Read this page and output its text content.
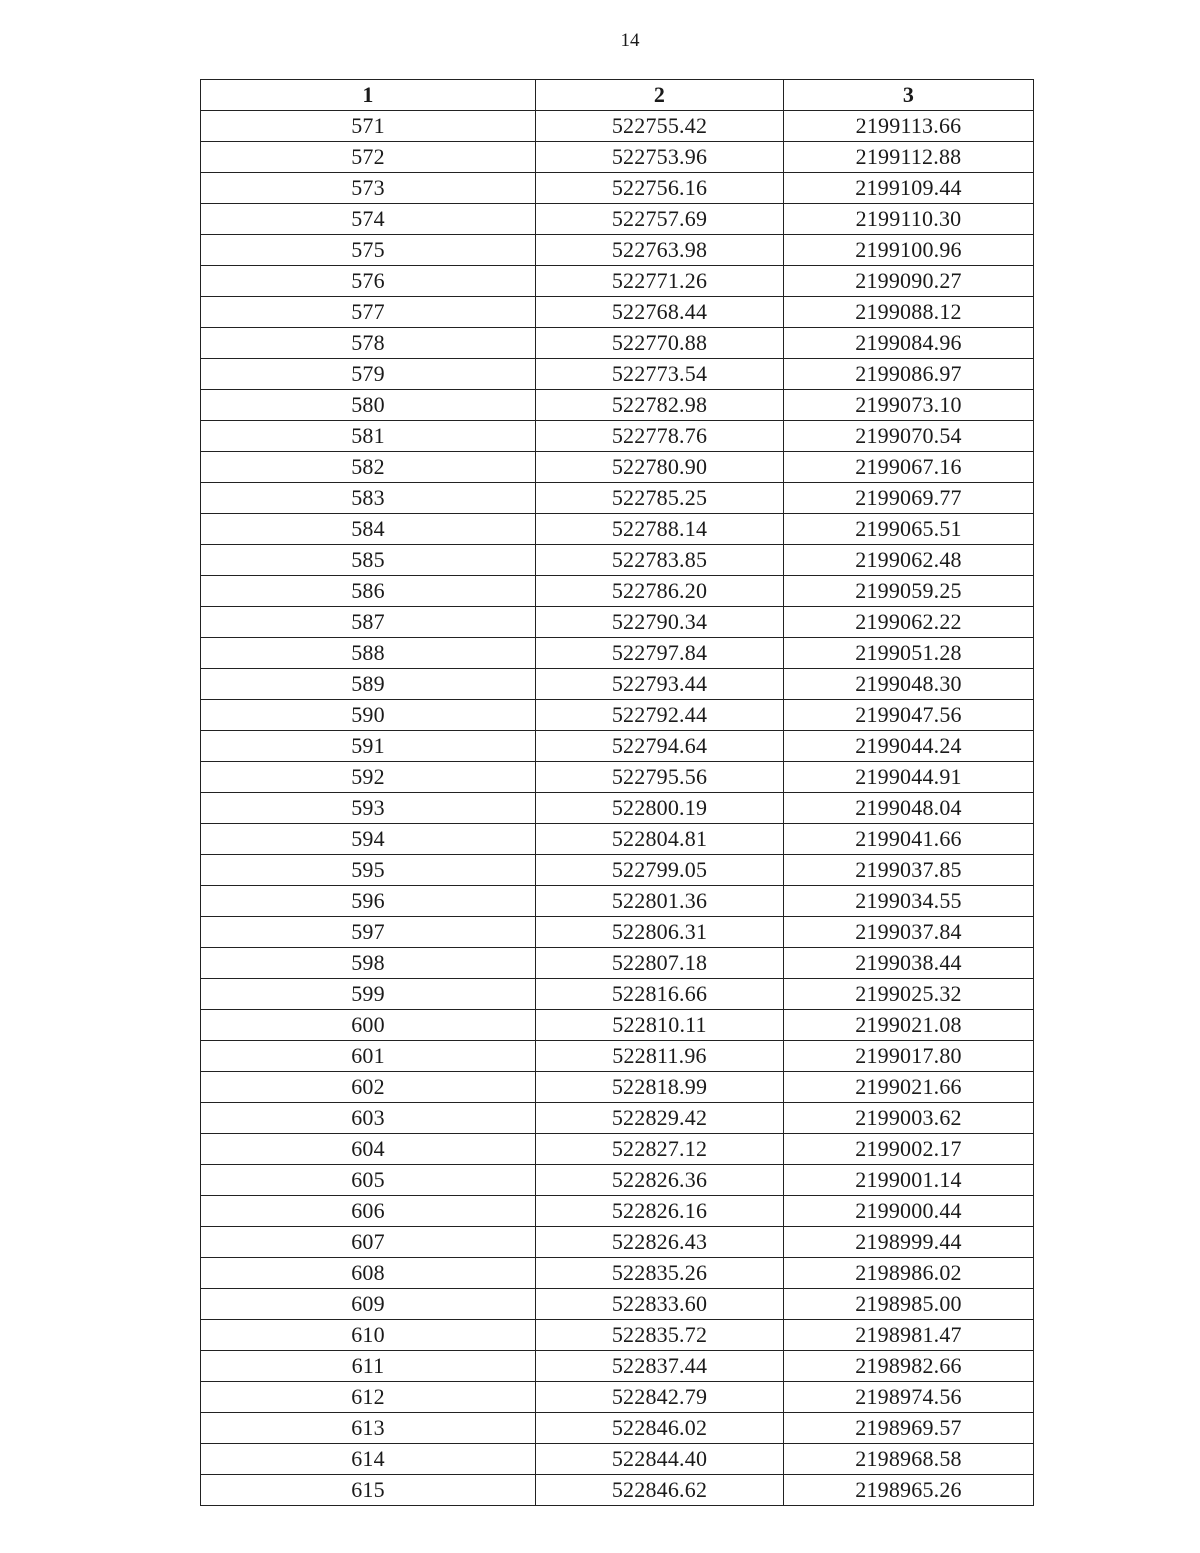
14
1	2	3
571	522755.42	2199113.66
572	522753.96	2199112.88
573	522756.16	2199109.44
574	522757.69	2199110.30
575	522763.98	2199100.96
576	522771.26	2199090.27
577	522768.44	2199088.12
578	522770.88	2199084.96
579	522773.54	2199086.97
580	522782.98	2199073.10
581	522778.76	2199070.54
582	522780.90	2199067.16
583	522785.25	2199069.77
584	522788.14	2199065.51
585	522783.85	2199062.48
586	522786.20	2199059.25
587	522790.34	2199062.22
588	522797.84	2199051.28
589	522793.44	2199048.30
590	522792.44	2199047.56
591	522794.64	2199044.24
592	522795.56	2199044.91
593	522800.19	2199048.04
594	522804.81	2199041.66
595	522799.05	2199037.85
596	522801.36	2199034.55
597	522806.31	2199037.84
598	522807.18	2199038.44
599	522816.66	2199025.32
600	522810.11	2199021.08
601	522811.96	2199017.80
602	522818.99	2199021.66
603	522829.42	2199003.62
604	522827.12	2199002.17
605	522826.36	2199001.14
606	522826.16	2199000.44
607	522826.43	2198999.44
608	522835.26	2198986.02
609	522833.60	2198985.00
610	522835.72	2198981.47
611	522837.44	2198982.66
612	522842.79	2198974.56
613	522846.02	2198969.57
614	522844.40	2198968.58
615	522846.62	2198965.26
